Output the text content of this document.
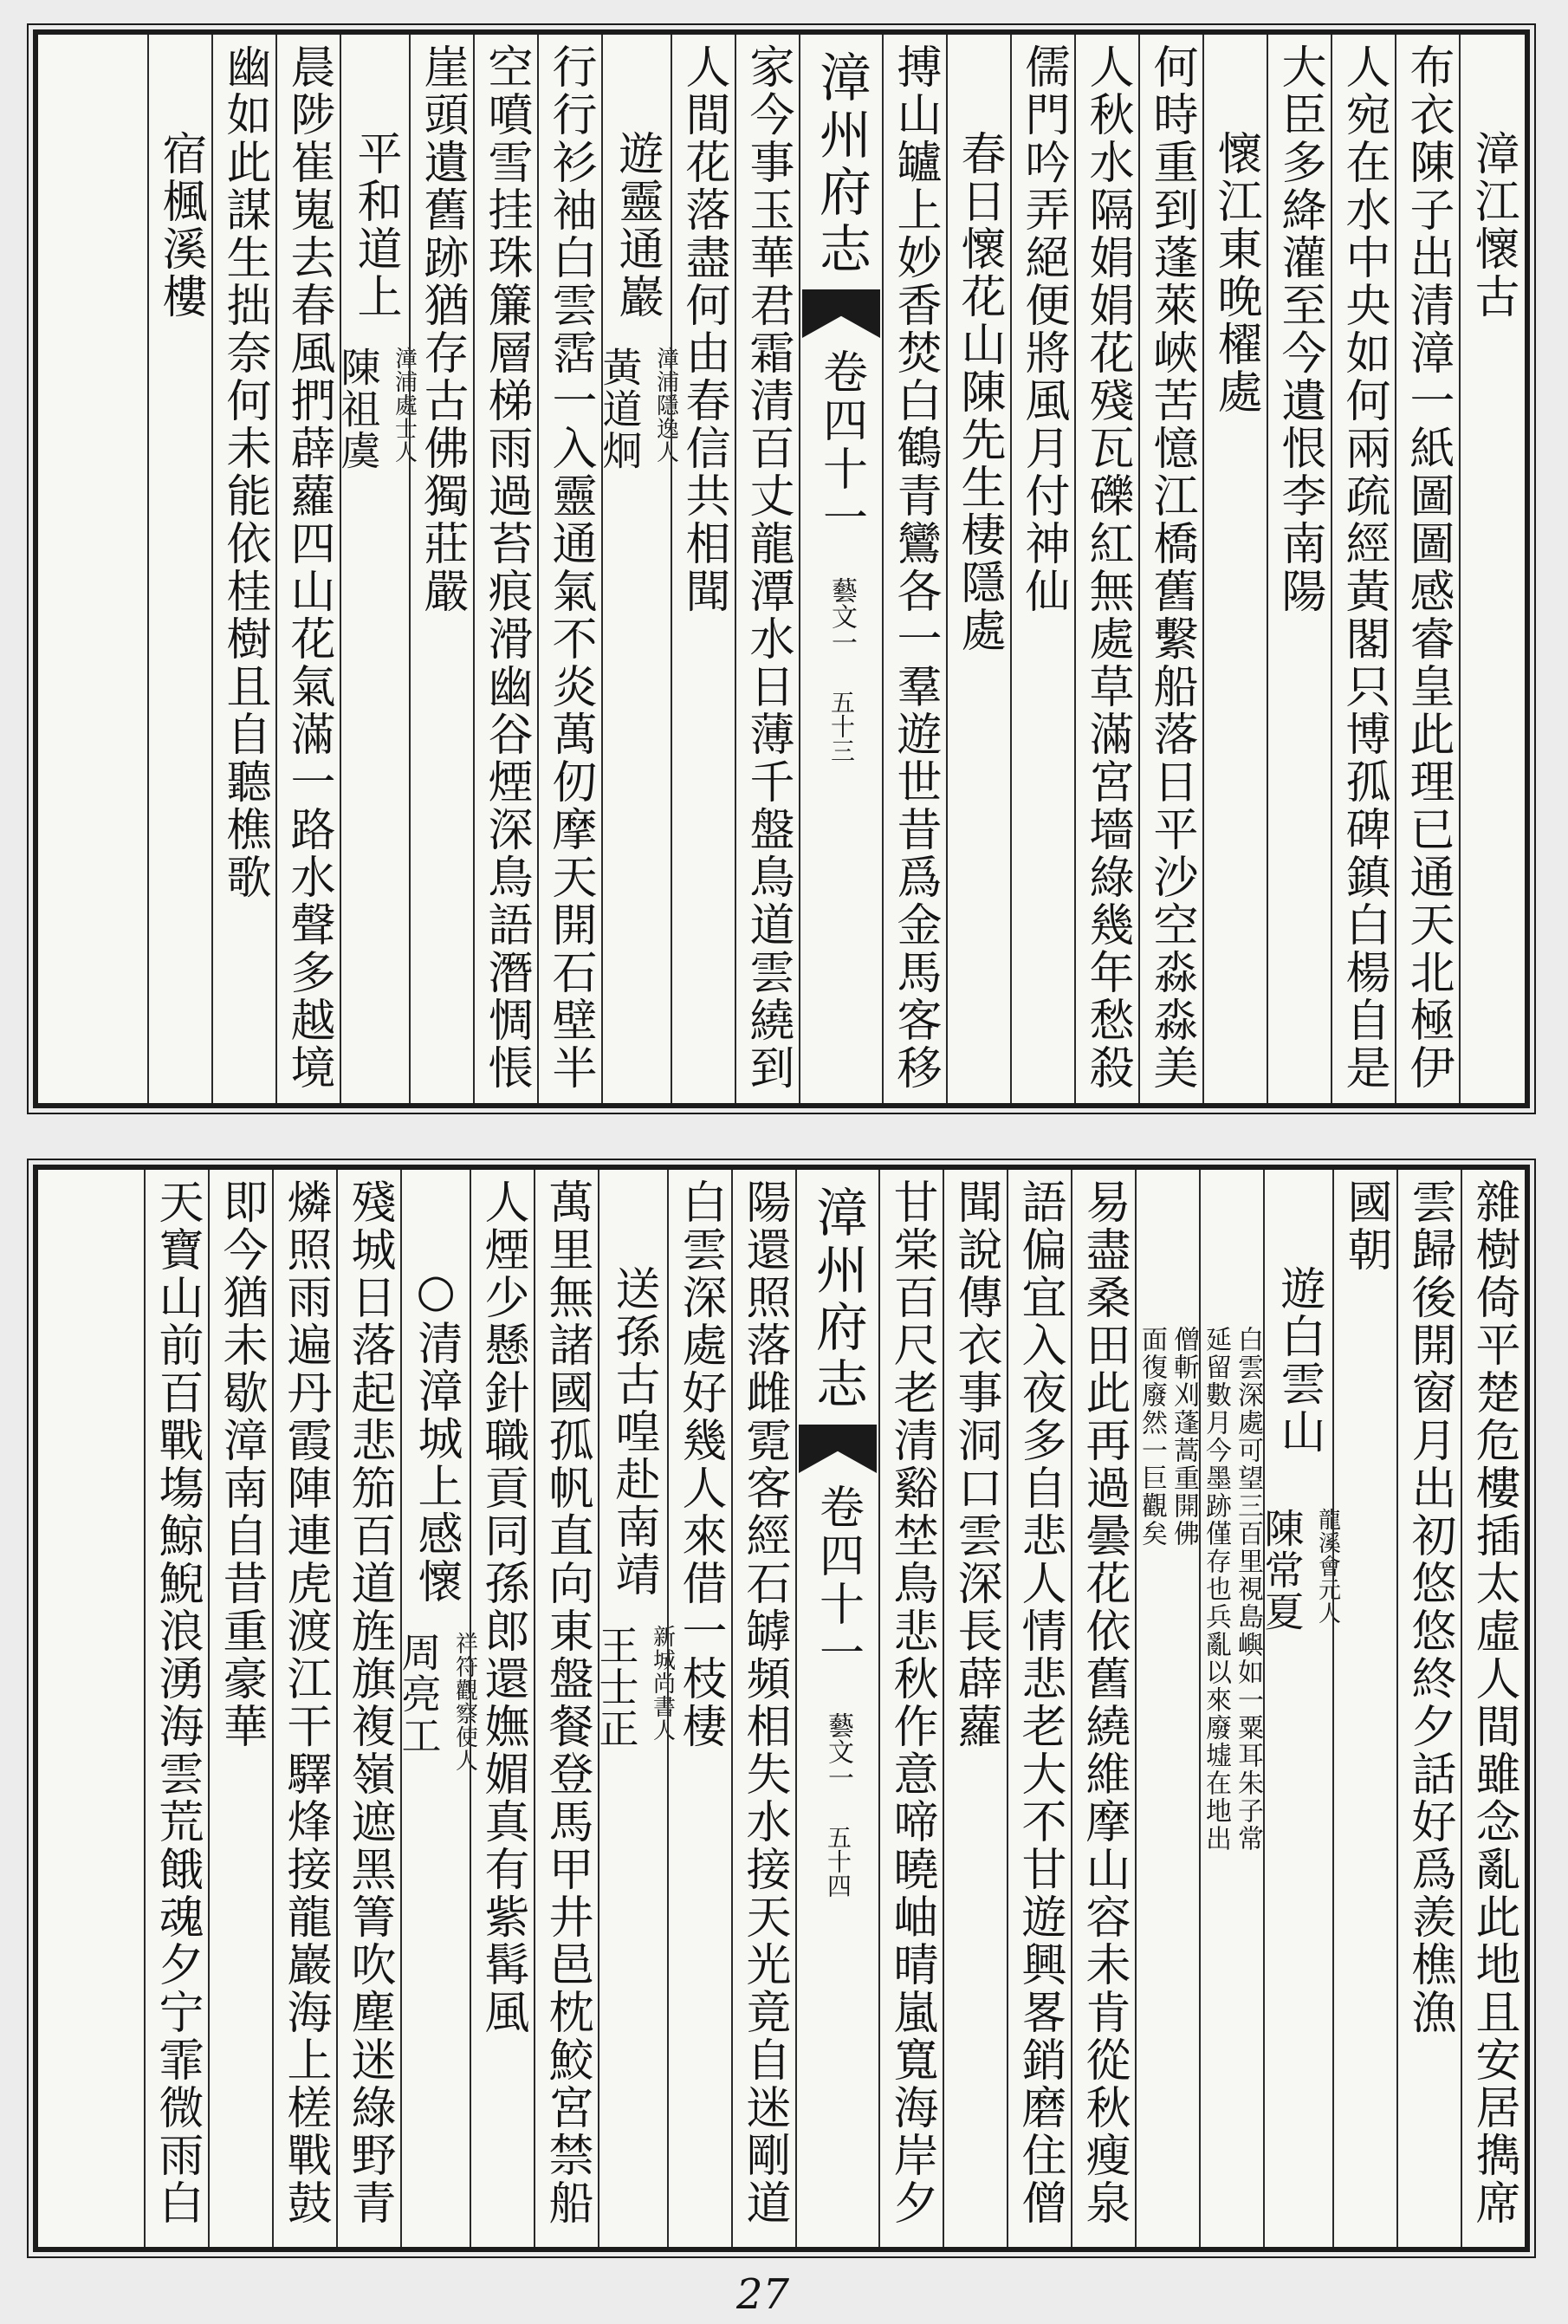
漳江懷古
布衣陳子出清漳一紙圖圖感睿皇此理已通天北極伊
人宛在水中央如何兩疏經黃閣只博孤碑鎮白楊自是
大臣多絳灌至今遺恨李南陽
懷江東晚櫂處
何時重到蓬萊峽苦憶江橋舊繫船落日平沙空淼淼美
人秋水隔娟娟花殘瓦礫紅無處草滿宮墻綠幾年愁殺
儒門吟弄絕便將風月付神仙
春日懷花山陳先生棲隱處
搏山罏上妙香焚白鶴青鸞各一羣遊世昔爲金馬客移
漳州府志
卷四十一
藝文一
五十三
家今事玉華君霜清百丈龍潭水日薄千盤鳥道雲繞到
人間花落盡何由春信共相聞
遊靈通巖
漳浦隱逸人
黃道炯
行行衫袖白雲霑一入靈通氣不炎萬仞摩天開石壁半
空噴雪挂珠簾層梯雨過苔痕滑幽谷煙深鳥語潛惆悵
崖頭遺舊跡猶存古佛獨莊嚴
平和道上
漳浦處士人
陳祖虞
晨陟崔嵬去春風捫薜蘿四山花氣滿一路水聲多越境
幽如此謀生拙奈何未能依桂樹且自聽樵歌
宿楓溪樓
雜樹倚平楚危樓插太虛人間雖念亂此地且安居擕席
雲歸後開窗月出初悠悠終夕話好爲羨樵漁
國朝
遊白雲山
龍溪會元人
陳常夏
白雲深處可望三百里視島嶼如一粟耳朱子常
延留數月今墨跡僅存也兵亂以來廢墟在地出
僧斬刈蓬蒿重開佛
面復廢然一巨觀矣
易盡桑田此再過曇花依舊繞維摩山容未肯從秋瘦泉
語偏宜入夜多自悲人情悲老大不甘遊興畧銷磨住僧
聞說傳衣事洞口雲深長薜蘿
甘棠百尺老清谿埜鳥悲秋作意啼曉岫晴嵐寬海岸夕
漳州府志
卷四十一
藝文一
五十四
陽還照落雌霓客經石罅頻相失水接天光竟自迷剛道
白雲深處好幾人來借一枝棲
送孫古喤赴南靖
新城尚書人
王士正
萬里無諸國孤帆直向東盤餐登馬甲井邑枕鮫宮禁船
人煙少懸針職貢同孫郎還嫵媚真有紫髯風
○清漳城上感懷
祥符觀察使人
周亮工
殘城日落起悲笳百道旌旗複嶺遮黑箐吹塵迷綠野青
燐照雨遍丹霞陣連虎渡江干驛烽接龍巖海上槎戰鼓
即今猶未歇漳南自昔重豪華
天寶山前百戰塲鯨鯢浪湧海雲荒餓魂夕宁霏微雨白
27
